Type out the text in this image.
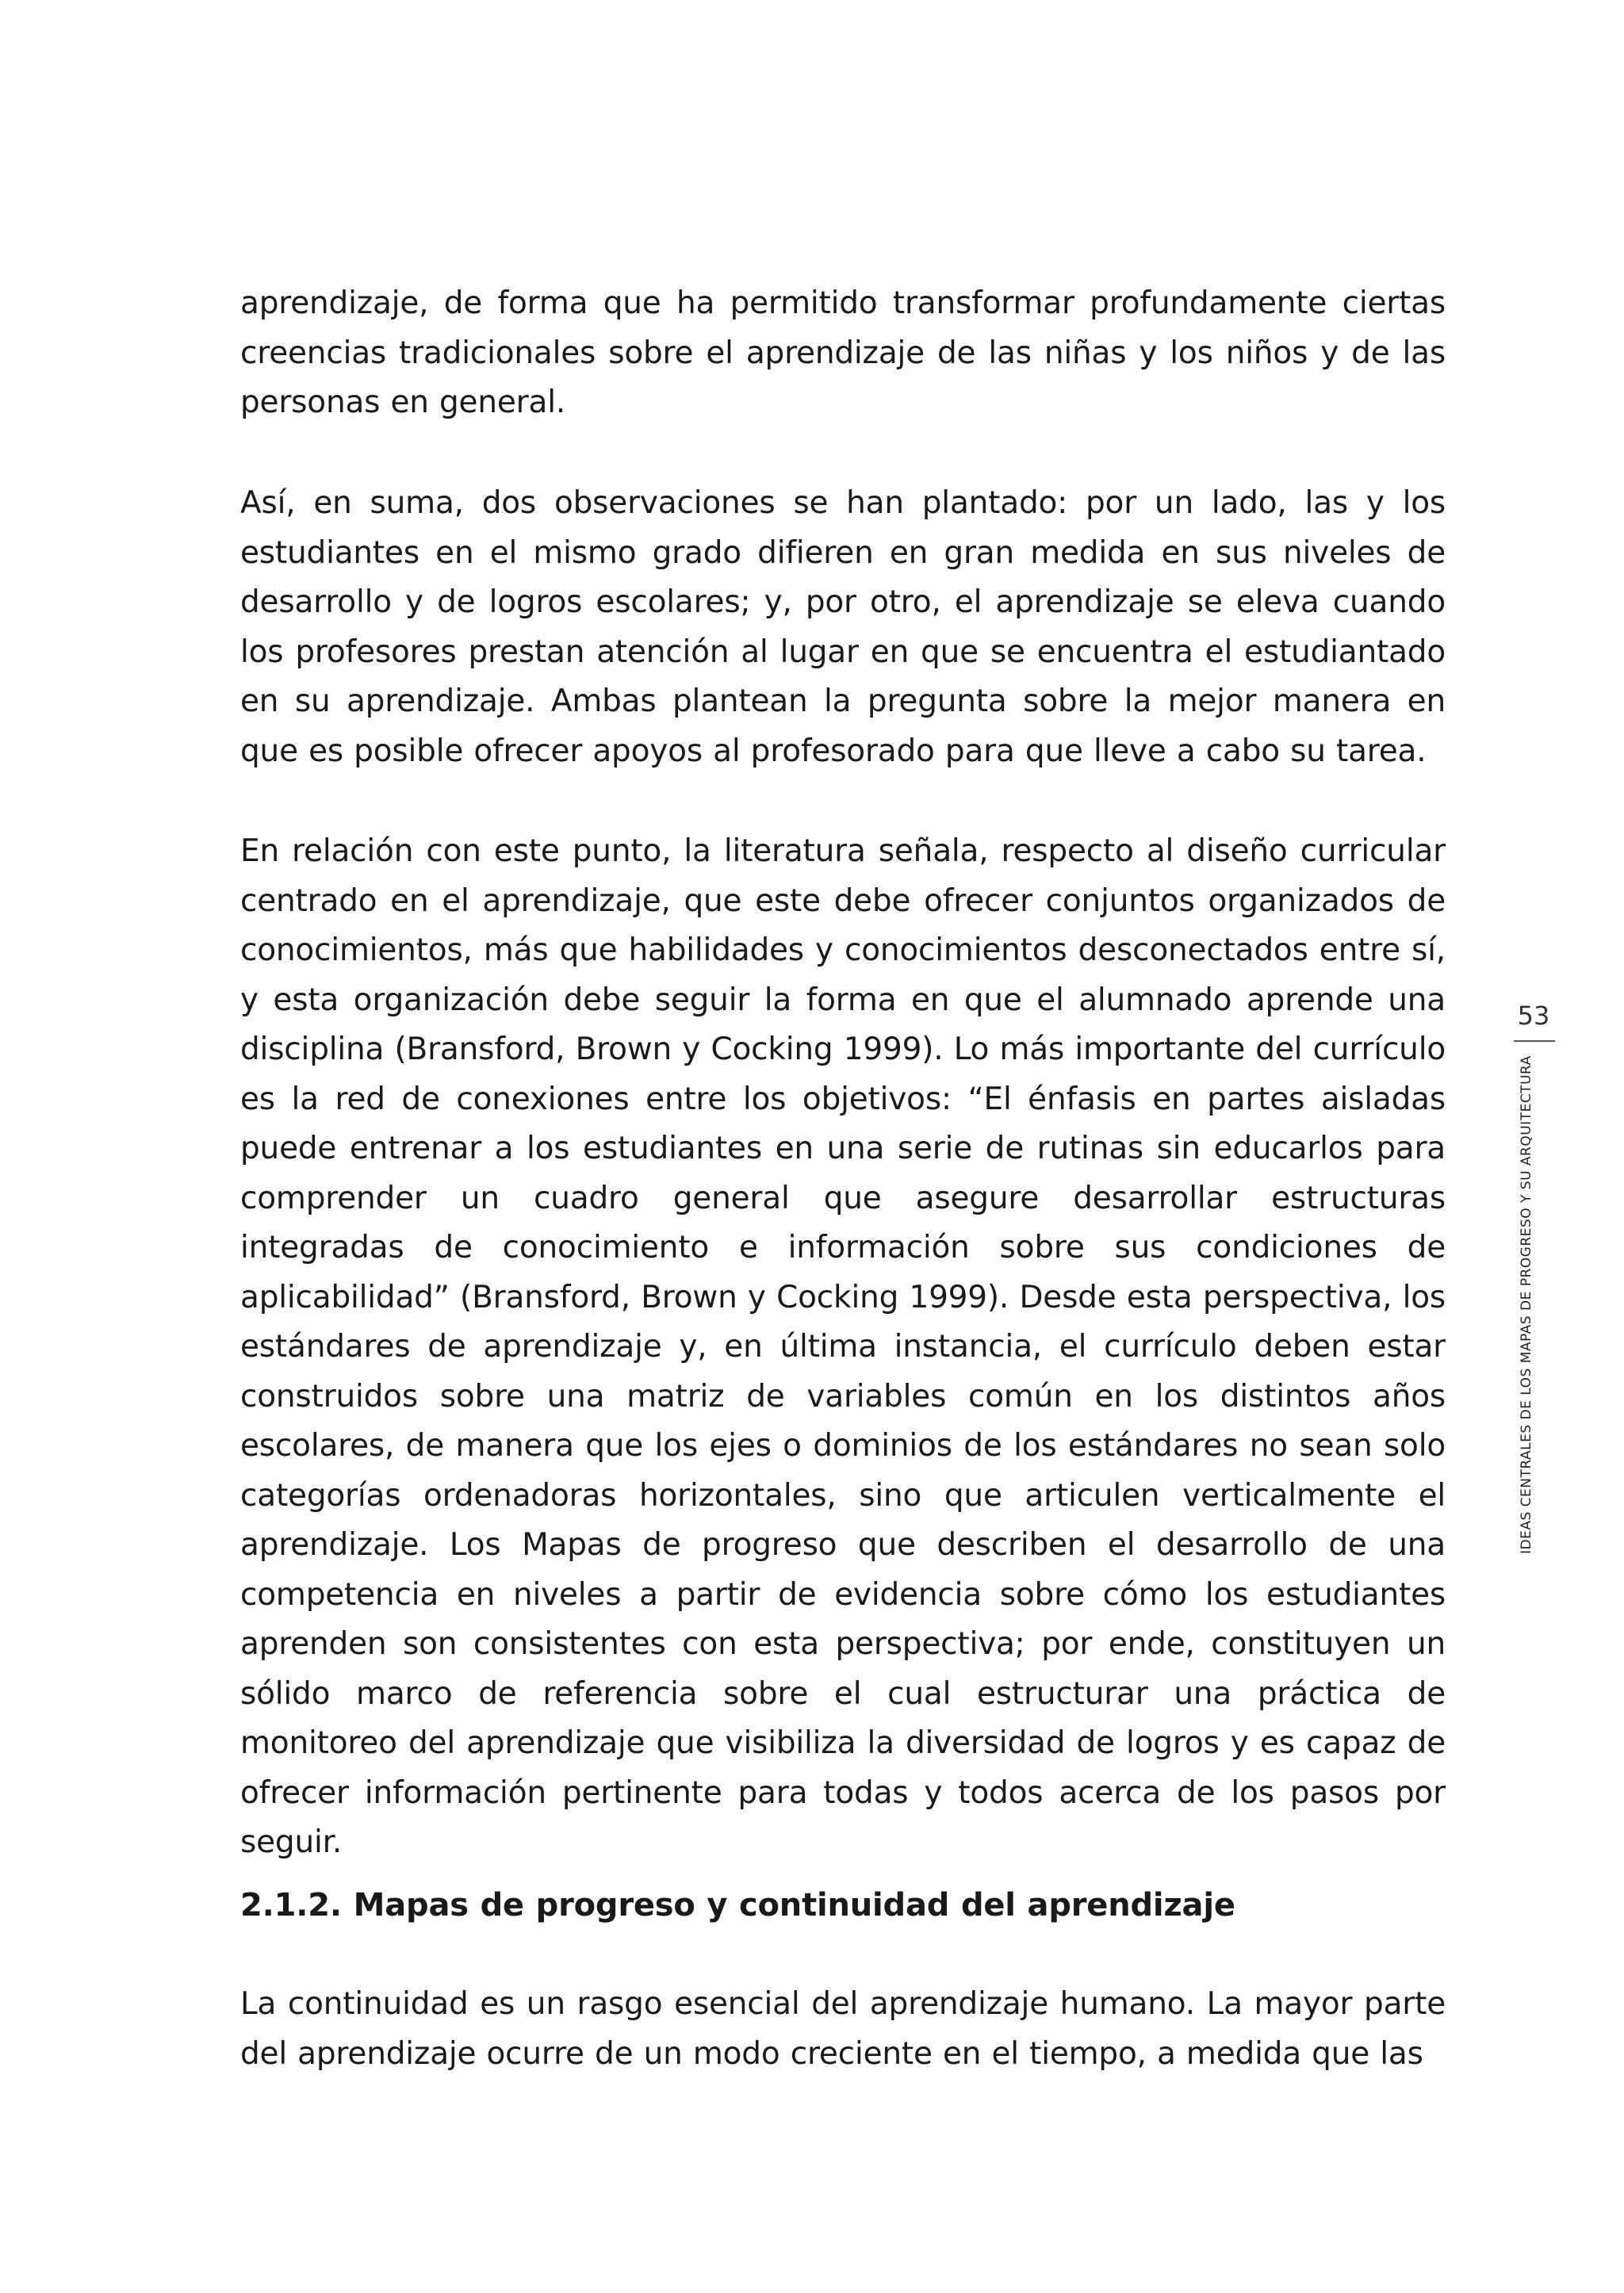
aprendizaje, de forma que ha permitido transformar profundamente ciertas creencias tradicionales sobre el aprendizaje de las niñas y los niños y de las personas en general.

Así, en suma, dos observaciones se han plantado: por un lado, las y los estudiantes en el mismo grado difieren en gran medida en sus niveles de desarrollo y de logros escolares; y, por otro, el aprendizaje se eleva cuando los profesores prestan atención al lugar en que se encuentra el estudiantado en su aprendizaje. Ambas plantean la pregunta sobre la mejor manera en que es posible ofrecer apoyos al profesorado para que lleve a cabo su tarea.

En relación con este punto, la literatura señala, respecto al diseño curricular centrado en el aprendizaje, que este debe ofrecer conjuntos organizados de conocimientos, más que habilidades y conocimientos desconectados entre sí, y esta organización debe seguir la forma en que el alumnado aprende una disciplina (Bransford, Brown y Cocking 1999). Lo más importante del currículo es la red de conexiones entre los objetivos: “El énfasis en partes aisladas puede entrenar a los estudiantes en una serie de rutinas sin educarlos para comprender un cuadro general que asegure desarrollar estructuras integradas de conocimiento e información sobre sus condiciones de aplicabilidad” (Bransford, Brown y Cocking 1999). Desde esta perspectiva, los estándares de aprendizaje y, en última instancia, el currículo deben estar construidos sobre una matriz de variables común en los distintos años escolares, de manera que los ejes o dominios de los estándares no sean solo categorías ordenadoras horizontales, sino que articulen verticalmente el aprendizaje. Los Mapas de progreso que describen el desarrollo de una competencia en niveles a partir de evidencia sobre cómo los estudiantes aprenden son consistentes con esta perspectiva; por ende, constituyen un sólido marco de referencia sobre el cual estructurar una práctica de monitoreo del aprendizaje que visibiliza la diversidad de logros y es capaz de ofrecer información pertinente para todas y todos acerca de los pasos por seguir.

2.1.2. Mapas de progreso y continuidad del aprendizaje

La continuidad es un rasgo esencial del aprendizaje humano. La mayor parte del aprendizaje ocurre de un modo creciente en el tiempo, a medida que las

53
IDEAS CENTRALES DE LOS MAPAS DE PROGRESO Y SU ARQUITECTURA
